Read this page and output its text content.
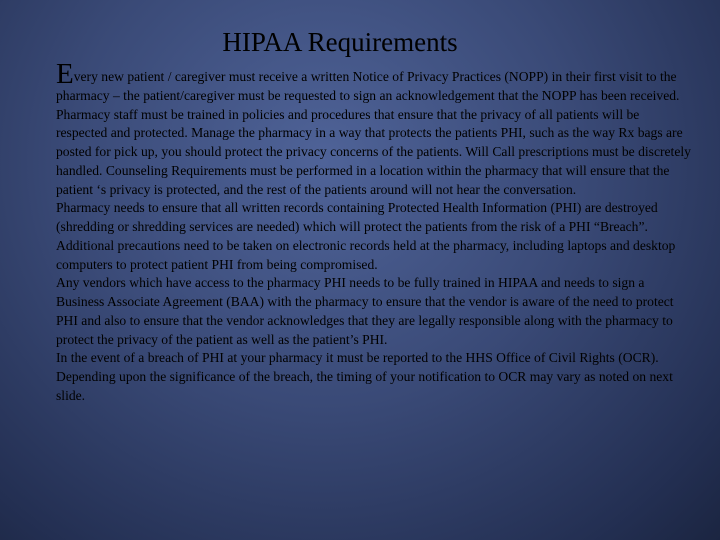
HIPAA Requirements

Every new patient / caregiver must receive a written Notice of Privacy Practices (NOPP) in their first visit to the pharmacy – the patient/caregiver must be requested to sign an acknowledgement that the NOPP has been received.

Pharmacy staff must be trained in policies and procedures that ensure that the privacy of all patients will be respected and protected. Manage the pharmacy in a way that protects the patients PHI, such as the way Rx bags are posted for pick up, you should protect the privacy concerns of the patients. Will Call prescriptions must be discretely handled. Counseling Requirements must be performed in a location within the pharmacy that will ensure that the patient ‘s privacy is protected, and the rest of the patients around will not hear the conversation.

Pharmacy needs to ensure that all written records containing Protected Health Information (PHI) are destroyed (shredding or shredding services are needed) which will protect the patients from the risk of a PHI “Breach”. Additional precautions need to be taken on electronic records held at the pharmacy, including laptops and desktop computers to protect patient PHI from being compromised.

Any vendors which have access to the pharmacy PHI needs to be fully trained in HIPAA and needs to sign a Business Associate Agreement (BAA) with the pharmacy to ensure that the vendor is aware of the need to protect PHI and also to ensure that the vendor acknowledges that they are legally responsible along with the pharmacy to protect the privacy of the patient as well as the patient’s PHI.

In the event of a breach of PHI at your pharmacy it must be reported to the HHS Office of Civil Rights (OCR). Depending upon the significance of the breach, the timing of your notification to OCR may vary as noted on next slide.
